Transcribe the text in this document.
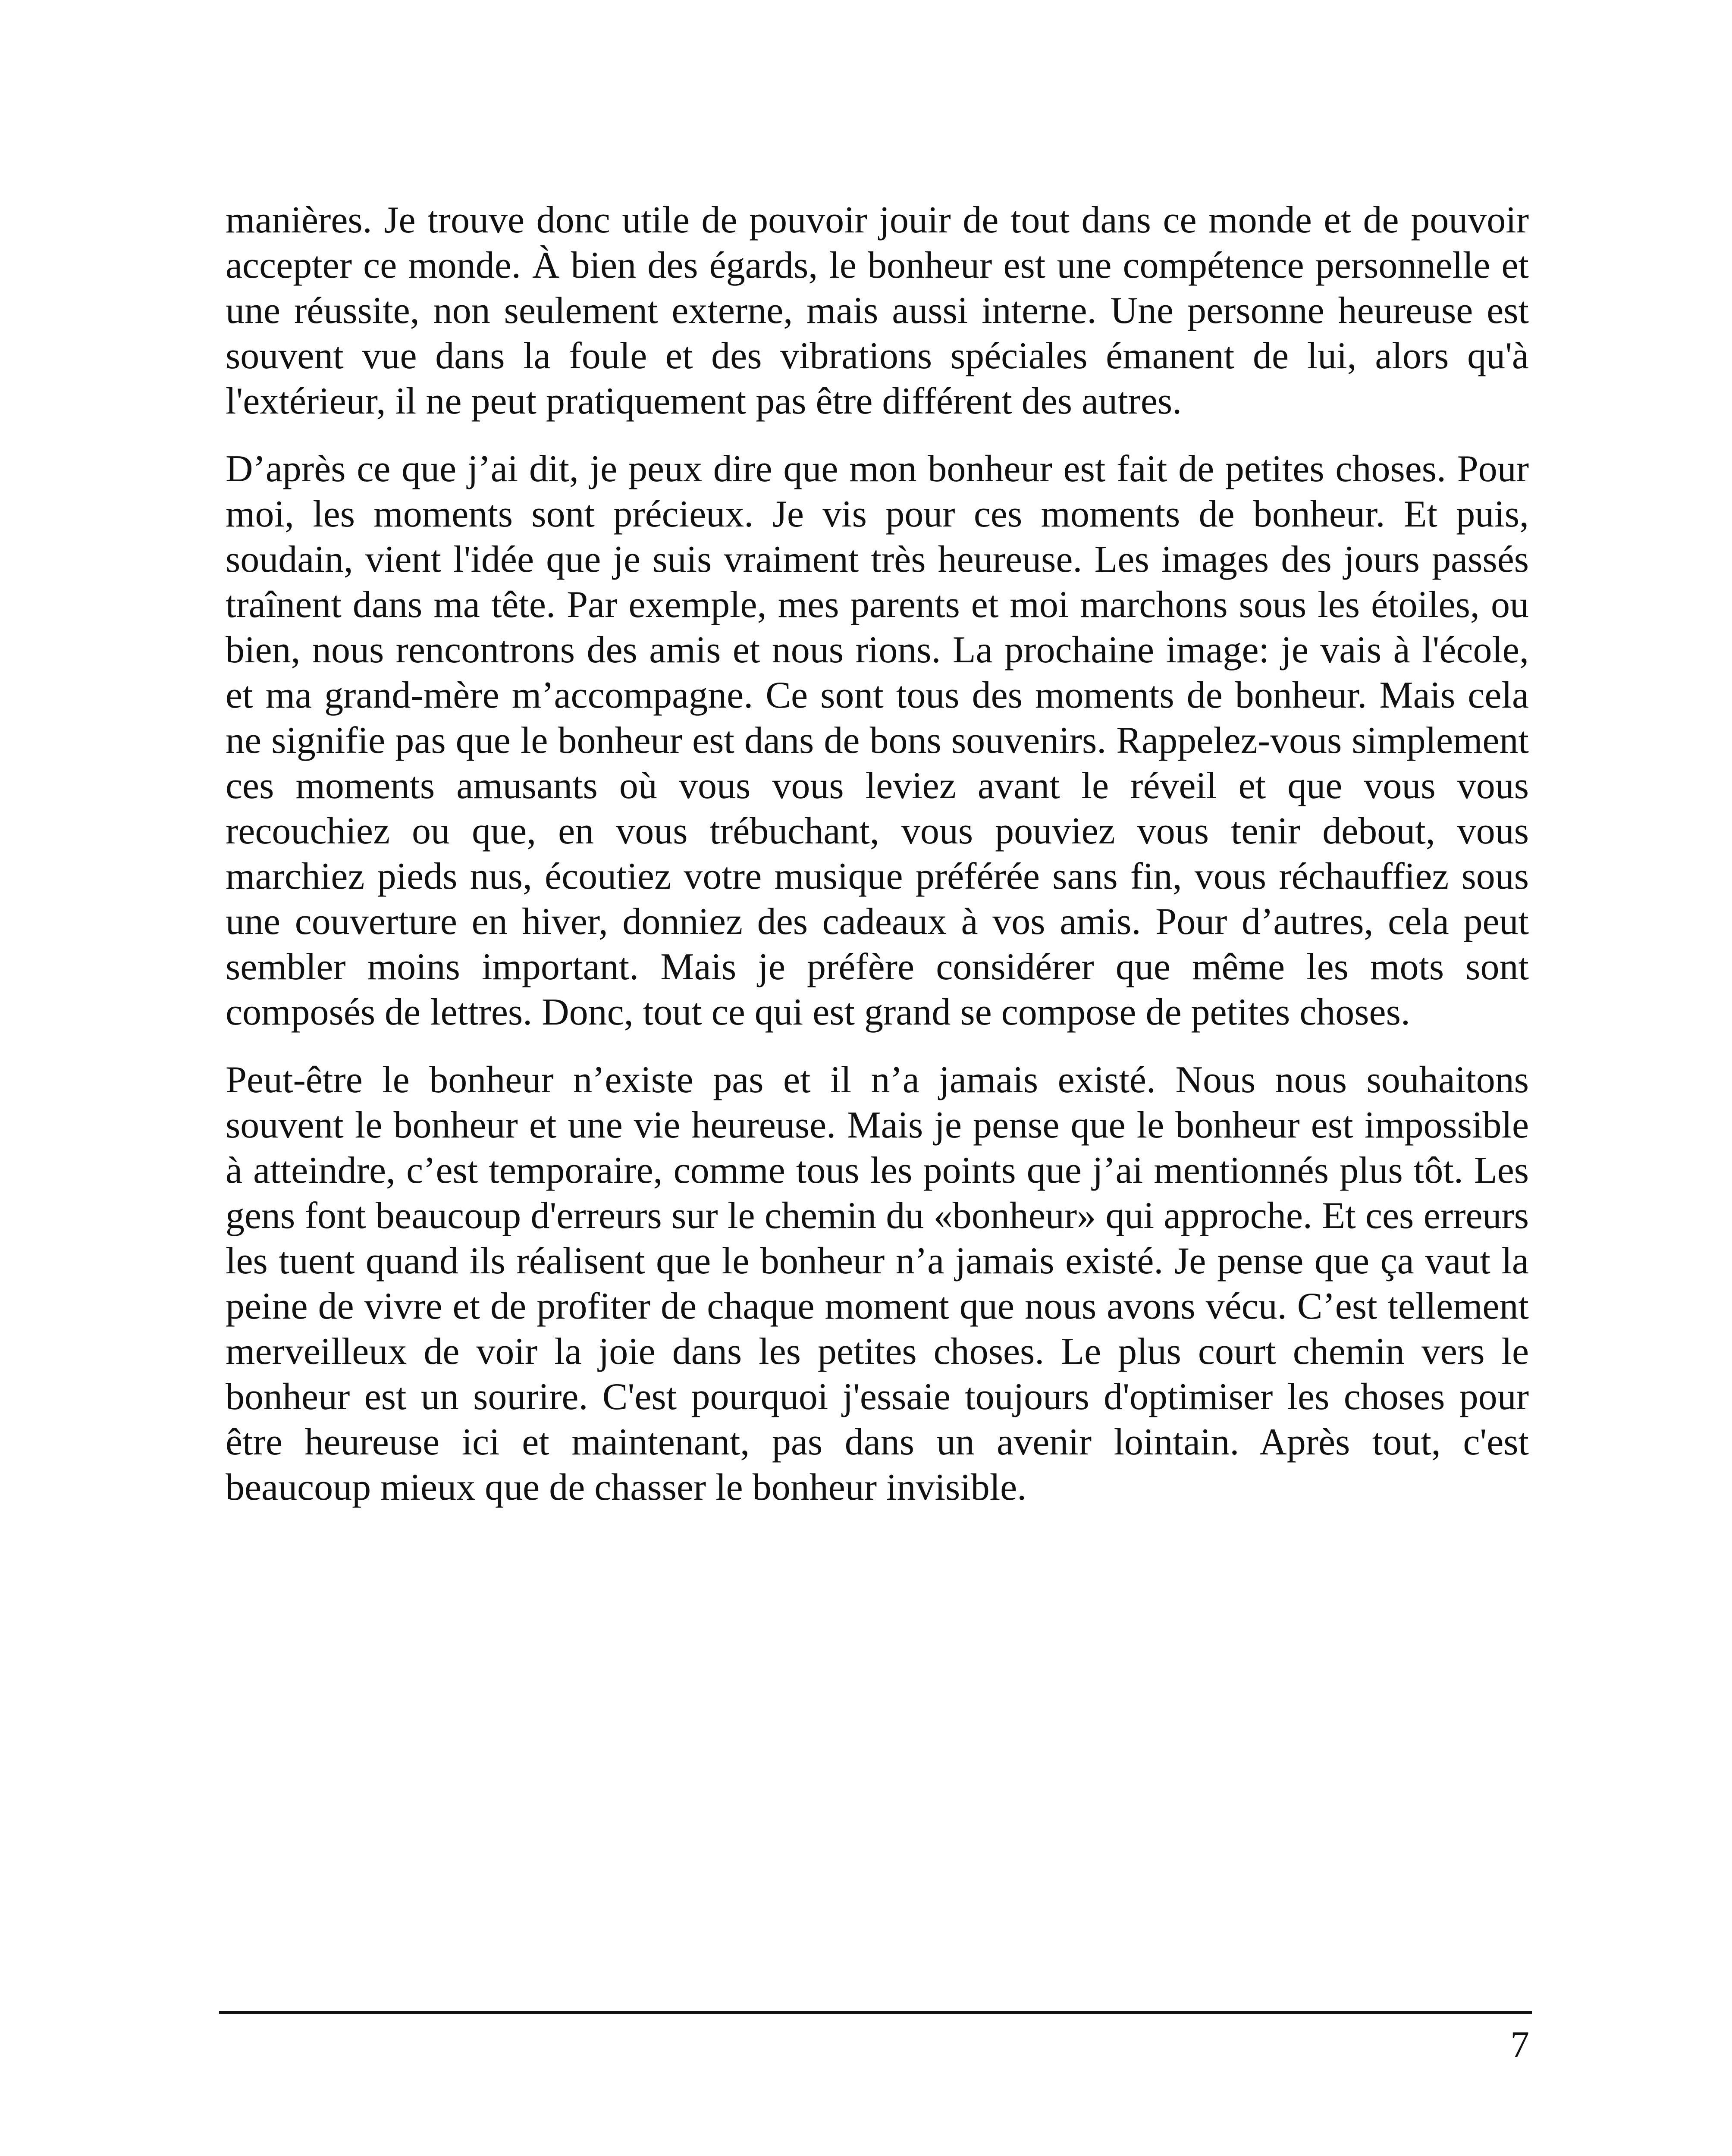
manières. Je trouve donc utile de pouvoir jouir de tout dans ce monde et de pouvoir accepter ce monde. À bien des égards, le bonheur est une compétence personnelle et une réussite, non seulement externe, mais aussi interne. Une personne heureuse est souvent vue dans la foule et des vibrations spéciales émanent de lui, alors qu'à l'extérieur, il ne peut pratiquement pas être différent des autres.

D’après ce que j’ai dit, je peux dire que mon bonheur est fait de petites choses. Pour moi, les moments sont précieux. Je vis pour ces moments de bonheur. Et puis, soudain, vient l'idée que je suis vraiment très heureuse. Les images des jours passés traînent dans ma tête. Par exemple, mes parents et moi marchons sous les étoiles, ou bien, nous rencontrons des amis et nous rions. La prochaine image: je vais à l'école, et ma grand-mère m’accompagne. Ce sont tous des moments de bonheur. Mais cela ne signifie pas que le bonheur est dans de bons souvenirs. Rappelez-vous simplement ces moments amusants où vous vous leviez avant le réveil et que vous vous recouchiez ou que, en vous trébuchant, vous pouviez vous tenir debout, vous marchiez pieds nus, écoutiez votre musique préférée sans fin, vous réchauffiez sous une couverture en hiver, donniez des cadeaux à vos amis. Pour d’autres, cela peut sembler moins important. Mais je préfère considérer que même les mots sont composés de lettres. Donc, tout ce qui est grand se compose de petites choses.

Peut-être le bonheur n’existe pas et il n’a jamais existé. Nous nous souhaitons souvent le bonheur et une vie heureuse. Mais je pense que le bonheur est impossible à atteindre, c’est temporaire, comme tous les points que j’ai mentionnés plus tôt. Les gens font beaucoup d'erreurs sur le chemin du «bonheur» qui approche. Et ces erreurs les tuent quand ils réalisent que le bonheur n’a jamais existé. Je pense que ça vaut la peine de vivre et de profiter de chaque moment que nous avons vécu. C’est tellement merveilleux de voir la joie dans les petites choses. Le plus court chemin vers le bonheur est un sourire. C'est pourquoi j'essaie toujours d'optimiser les choses pour être heureuse ici et maintenant, pas dans un avenir lointain. Après tout, c'est beaucoup mieux que de chasser le bonheur invisible.

7
